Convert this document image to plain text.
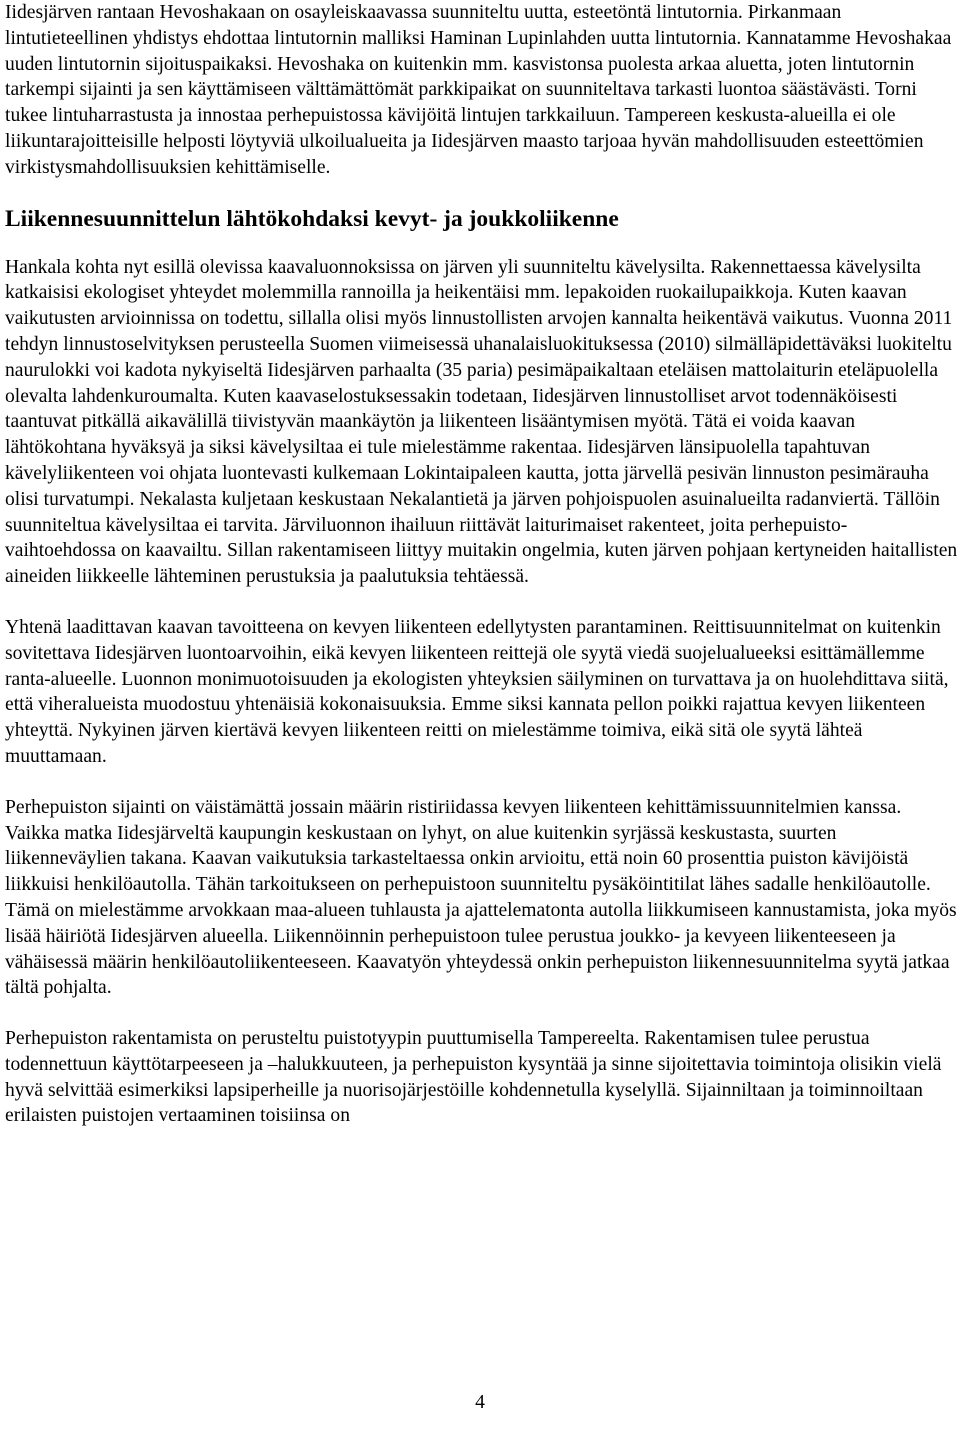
Iidesjärven rantaan Hevoshakaan on osayleiskaavassa suunniteltu uutta, esteetöntä lintutornia. Pirkanmaan lintutieteellinen yhdistys ehdottaa lintutornin malliksi Haminan Lupinlahden uutta lintutornia. Kannatamme Hevoshakaa uuden lintutornin sijoituspaikaksi. Hevoshaka on kuitenkin mm. kasvistonsa puolesta arkaa aluetta, joten lintutornin tarkempi sijainti ja sen käyttämiseen välttämättömät parkkipaikat on suunniteltava tarkasti luontoa säästävästi. Torni tukee lintuharrastusta ja innostaa perhepuistossa kävijöitä lintujen tarkkailuun. Tampereen keskusta-alueilla ei ole liikuntarajoitteisille helposti löytyviä ulkoilualueita ja Iidesjärven maasto tarjoaa hyvän mahdollisuuden esteettömien virkistysmahdollisuuksien kehittämiselle.

Liikennesuunnittelun lähtökohdaksi kevyt- ja joukkoliikenne

Hankala kohta nyt esillä olevissa kaavaluonnoksissa on järven yli suunniteltu kävelysilta. Rakennettaessa kävelysilta katkaisisi ekologiset yhteydet molemmilla rannoilla ja heikentäisi mm. lepakoiden ruokailupaikkoja. Kuten kaavan vaikutusten arvioinnissa on todettu, sillalla olisi myös linnustollisten arvojen kannalta heikentävä vaikutus. Vuonna 2011 tehdyn linnustoselvityksen perusteella Suomen viimeisessä uhanalaisluokituksessa (2010) silmälläpidettäväksi luokiteltu naurulokki voi kadota nykyiseltä Iidesjärven parhaalta (35 paria) pesimäpaikaltaan eteläisen mattolaiturin eteläpuolella olevalta lahdenkuroumalta. Kuten kaavaselostuksessakin todetaan, Iidesjärven linnustolliset arvot todennäköisesti taantuvat pitkällä aikavälillä tiivistyvän maankäytön ja liikenteen lisääntymisen myötä. Tätä ei voida kaavan lähtökohtana hyväksyä ja siksi kävelysiltaa ei tule mielestämme rakentaa. Iidesjärven länsipuolella tapahtuvan kävelyliikenteen voi ohjata luontevasti kulkemaan Lokintaipaleen kautta, jotta järvellä pesivän linnuston pesimärauha olisi turvatumpi. Nekalasta kuljetaan keskustaan Nekalantietä ja järven pohjoispuolen asuinalueilta radanviertä. Tällöin suunniteltua kävelysiltaa ei tarvita. Järviluonnon ihailuun riittävät laiturimaiset rakenteet, joita perhepuisto-vaihtoehdossa on kaavailtu. Sillan rakentamiseen liittyy muitakin ongelmia, kuten järven pohjaan kertyneiden haitallisten aineiden liikkeelle lähteminen perustuksia ja paalutuksia tehtäessä.

Yhtenä laadittavan kaavan tavoitteena on kevyen liikenteen edellytysten parantaminen. Reittisuunnitelmat on kuitenkin sovitettava Iidesjärven luontoarvoihin, eikä kevyen liikenteen reittejä ole syytä viedä suojelualueeksi esittämällemme ranta-alueelle. Luonnon monimuotoisuuden ja ekologisten yhteyksien säilyminen on turvattava ja on huolehdittava siitä, että viheralueista muodostuu yhtenäisiä kokonaisuuksia. Emme siksi kannata pellon poikki rajattua kevyen liikenteen yhteyttä. Nykyinen järven kiertävä kevyen liikenteen reitti on mielestämme toimiva, eikä sitä ole syytä lähteä muuttamaan.

Perhepuiston sijainti on väistämättä jossain määrin ristiriidassa kevyen liikenteen kehittämissuunnitelmien kanssa. Vaikka matka Iidesjärveltä kaupungin keskustaan on lyhyt, on alue kuitenkin syrjässä keskustasta, suurten liikenneväylien takana. Kaavan vaikutuksia tarkasteltaessa onkin arvioitu, että noin 60 prosenttia puiston kävijöistä liikkuisi henkilöautolla. Tähän tarkoitukseen on perhepuistoon suunniteltu pysäköintitilat lähes sadalle henkilöautolle. Tämä on mielestämme arvokkaan maa-alueen tuhlausta ja ajattelematonta autolla liikkumiseen kannustamista, joka myös lisää häiriötä Iidesjärven alueella. Liikennöinnin perhepuistoon tulee perustua joukko- ja kevyeen liikenteeseen ja vähäisessä määrin henkilöautoliikenteeseen. Kaavatyön yhteydessä onkin perhepuiston liikennesuunnitelma syytä jatkaa tältä pohjalta.

Perhepuiston rakentamista on perusteltu puistotyypin puuttumisella Tampereelta. Rakentamisen tulee perustua todennettuun käyttötarpeeseen ja –halukkuuteen, ja perhepuiston kysyntää ja sinne sijoitettavia toimintoja olisikin vielä hyvä selvittää esimerkiksi lapsiperheille ja nuorisojärjestöille kohdennetulla kyselyllä. Sijainniltaan ja toiminnoiltaan erilaisten puistojen vertaaminen toisiinsa on

4
